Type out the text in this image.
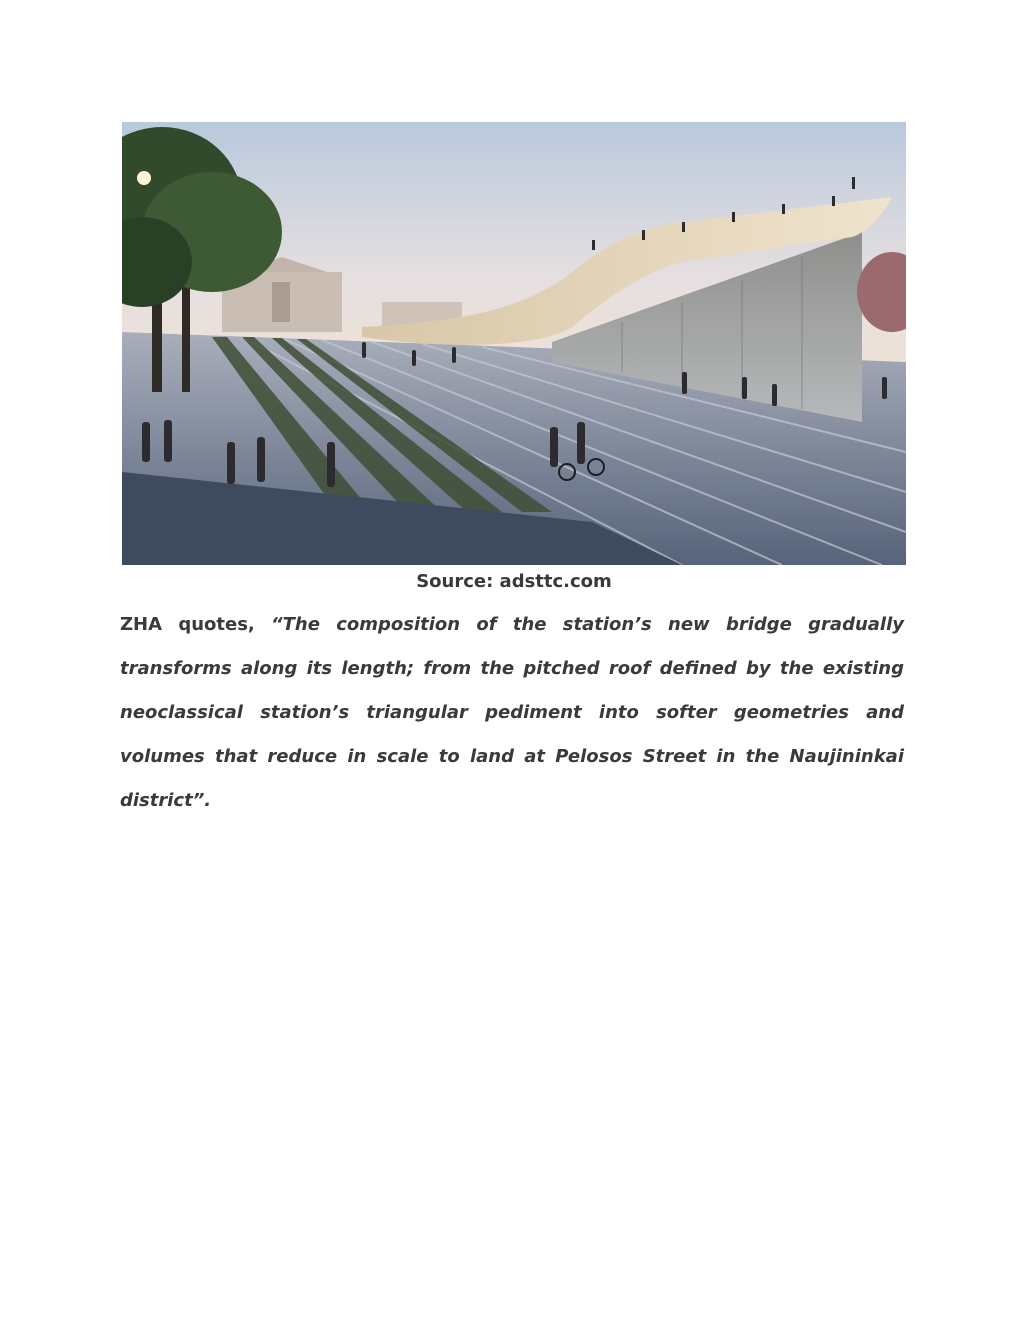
Source: adsttc.com
ZHA quotes, “The composition of the station’s new bridge gradually transforms along its length; from the pitched roof defined by the existing neoclassical station’s triangular pediment into softer geometries and volumes that reduce in scale to land at Pelosos Street in the Naujininkai district”.
